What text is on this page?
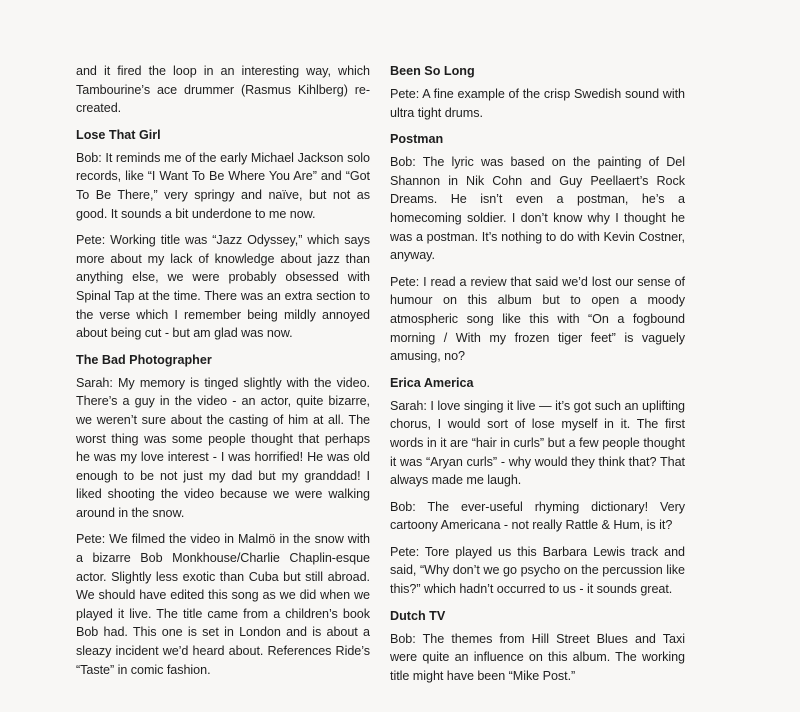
and it fired the loop in an interesting way, which Tambourine’s ace drummer (Rasmus Kihlberg) re-created.

Lose That Girl

Bob: It reminds me of the early Michael Jackson solo records, like “I Want To Be Where You Are” and “Got To Be There,” very springy and naïve, but not as good. It sounds a bit underdone to me now.

Pete: Working title was “Jazz Odyssey,” which says more about my lack of knowledge about jazz than anything else, we were probably obsessed with Spinal Tap at the time. There was an extra section to the verse which I remember being mildly annoyed about being cut - but am glad was now.

The Bad Photographer

Sarah: My memory is tinged slightly with the video. There’s a guy in the video - an actor, quite bizarre, we weren’t sure about the casting of him at all. The worst thing was some people thought that perhaps he was my love interest - I was horrified! He was old enough to be not just my dad but my granddad! I liked shooting the video because we were walking around in the snow.

Pete: We filmed the video in Malmö in the snow with a bizarre Bob Monkhouse/Charlie Chaplin-esque actor. Slightly less exotic than Cuba but still abroad. We should have edited this song as we did when we played it live. The title came from a children’s book Bob had. This one is set in London and is about a sleazy incident we’d heard about. References Ride’s “Taste” in comic fashion.

Been So Long

Pete: A fine example of the crisp Swedish sound with ultra tight drums.

Postman

Bob: The lyric was based on the painting of Del Shannon in Nik Cohn and Guy Peellaert’s Rock Dreams. He isn’t even a postman, he’s a homecoming soldier. I don’t know why I thought he was a postman. It’s nothing to do with Kevin Costner, anyway.

Pete: I read a review that said we’d lost our sense of humour on this album but to open a moody atmospheric song like this with “On a fogbound morning / With my frozen tiger feet” is vaguely amusing, no?

Erica America

Sarah: I love singing it live — it’s got such an uplifting chorus, I would sort of lose myself in it. The first words in it are “hair in curls” but a few people thought it was “Aryan curls” - why would they think that? That always made me laugh.

Bob: The ever-useful rhyming dictionary! Very cartoony Americana - not really Rattle & Hum, is it?

Pete: Tore played us this Barbara Lewis track and said, “Why don’t we go psycho on the percussion like this?” which hadn’t occurred to us - it sounds great.

Dutch TV

Bob: The themes from Hill Street Blues and Taxi were quite an influence on this album. The working title might have been “Mike Post.”
